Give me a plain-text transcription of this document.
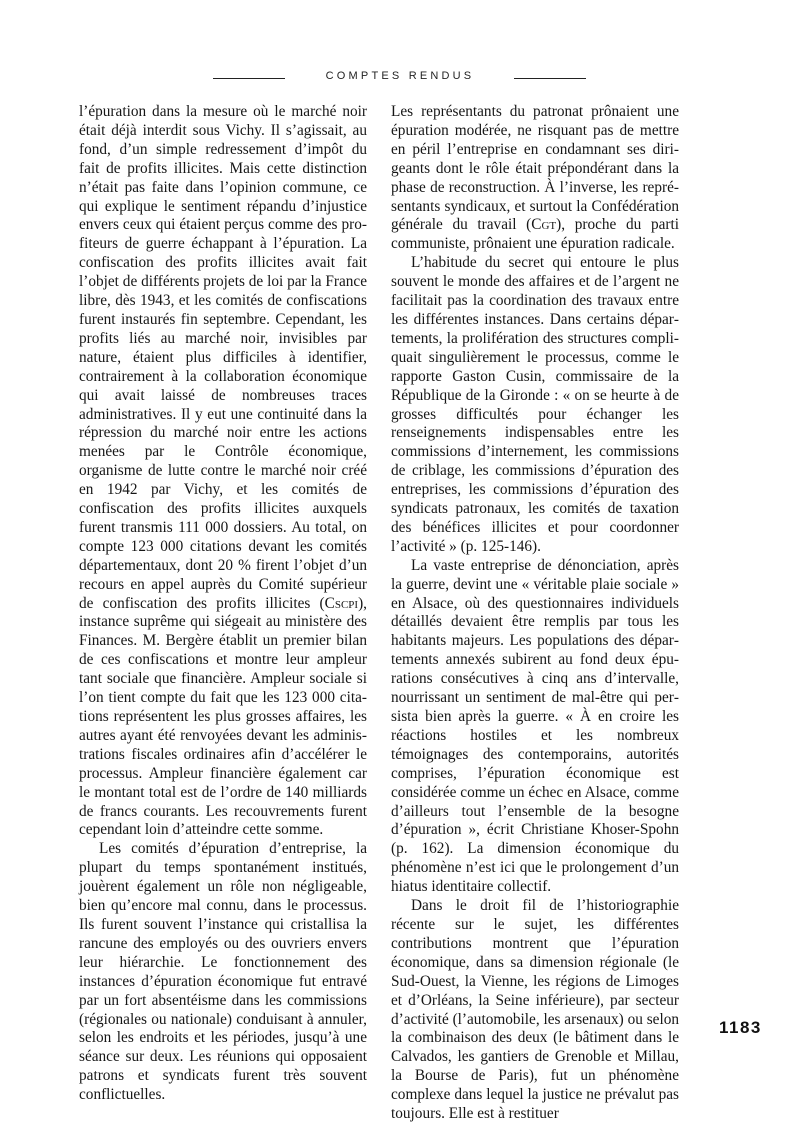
COMPTES RENDUS

l’épuration dans la mesure où le marché noir était déjà interdit sous Vichy. Il s’agissait, au fond, d’un simple redressement d’impôt du fait de profits illicites. Mais cette distinction n’était pas faite dans l’opinion commune, ce qui explique le sentiment répandu d’injustice envers ceux qui étaient perçus comme des profiteurs de guerre échappant à l’épuration. La confiscation des profits illicites avait fait l’objet de différents projets de loi par la France libre, dès 1943, et les comités de confiscations furent instaurés fin septembre. Cependant, les profits liés au marché noir, invisibles par nature, étaient plus difficiles à identifier, contrairement à la collaboration économique qui avait laissé de nombreuses traces administratives. Il y eut une continuité dans la répression du marché noir entre les actions menées par le Contrôle économique, organisme de lutte contre le marché noir créé en 1942 par Vichy, et les comités de confiscation des profits illicites auxquels furent transmis 111 000 dossiers. Au total, on compte 123 000 citations devant les comités départementaux, dont 20 % firent l’objet d’un recours en appel auprès du Comité supérieur de confiscation des profits illicites (Cscpi), instance suprême qui siégeait au ministère des Finances. M. Bergère établit un premier bilan de ces confiscations et montre leur ampleur tant sociale que financière. Ampleur sociale si l’on tient compte du fait que les 123 000 citations représentent les plus grosses affaires, les autres ayant été renvoyées devant les administrations fiscales ordinaires afin d’accélérer le processus. Ampleur financière également car le montant total est de l’ordre de 140 milliards de francs courants. Les recouvrements furent cependant loin d’atteindre cette somme.

Les comités d’épuration d’entreprise, la plupart du temps spontanément institués, jouèrent également un rôle non négligeable, bien qu’encore mal connu, dans le processus. Ils furent souvent l’instance qui cristallisa la rancune des employés ou des ouvriers envers leur hiérarchie. Le fonctionnement des instances d’épuration économique fut entravé par un fort absentéisme dans les commissions (régionales ou nationale) conduisant à annuler, selon les endroits et les périodes, jusqu’à une séance sur deux. Les réunions qui opposaient patrons et syndicats furent très souvent conflictuelles.

Les représentants du patronat prônaient une épuration modérée, ne risquant pas de mettre en péril l’entreprise en condamnant ses dirigeants dont le rôle était prépondérant dans la phase de reconstruction. À l’inverse, les représentants syndicaux, et surtout la Confédération générale du travail (Cgt), proche du parti communiste, prônaient une épuration radicale.

L’habitude du secret qui entoure le plus souvent le monde des affaires et de l’argent ne facilitait pas la coordination des travaux entre les différentes instances. Dans certains départements, la prolifération des structures compliquait singulièrement le processus, comme le rapporte Gaston Cusin, commissaire de la République de la Gironde : « on se heurte à de grosses difficultés pour échanger les renseignements indispensables entre les commissions d’internement, les commissions de criblage, les commissions d’épuration des entreprises, les commissions d’épuration des syndicats patronaux, les comités de taxation des bénéfices illicites et pour coordonner l’activité » (p. 125-146).

La vaste entreprise de dénonciation, après la guerre, devint une « véritable plaie sociale » en Alsace, où des questionnaires individuels détaillés devaient être remplis par tous les habitants majeurs. Les populations des départements annexés subirent au fond deux épurations consécutives à cinq ans d’intervalle, nourrissant un sentiment de mal-être qui persista bien après la guerre. « À en croire les réactions hostiles et les nombreux témoignages des contemporains, autorités comprises, l’épuration économique est considérée comme un échec en Alsace, comme d’ailleurs tout l’ensemble de la besogne d’épuration », écrit Christiane Khoser-Spohn (p. 162). La dimension économique du phénomène n’est ici que le prolongement d’un hiatus identitaire collectif.

Dans le droit fil de l’historiographie récente sur le sujet, les différentes contributions montrent que l’épuration économique, dans sa dimension régionale (le Sud-Ouest, la Vienne, les régions de Limoges et d’Orléans, la Seine inférieure), par secteur d’activité (l’automobile, les arsenaux) ou selon la combinaison des deux (le bâtiment dans le Calvados, les gantiers de Grenoble et Millau, la Bourse de Paris), fut un phénomène complexe dans lequel la justice ne prévalut pas toujours. Elle est à restituer

1183
